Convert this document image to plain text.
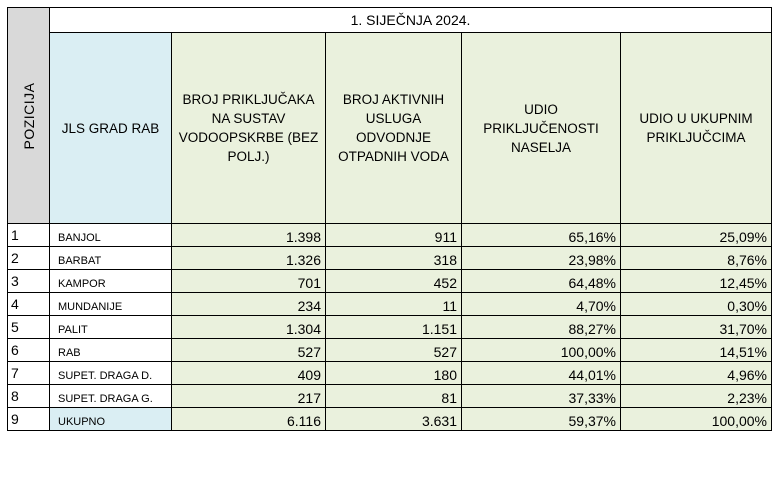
POZICIJA	1. SIJEČNJA 2024.				
	JLS GRAD RAB	BROJ PRIKLJUČAKA NA SUSTAV VODOOPSKRBE (BEZ POLJ.)	BROJ AKTIVNIH USLUGA ODVODNJE OTPADNIH VODA	UDIO PRIKLJUČENOSTI NASELJA	UDIO U UKUPNIM PRIKLJUČCIMA
1	BANJOL	1.398	911	65,16%	25,09%
2	BARBAT	1.326	318	23,98%	8,76%
3	KAMPOR	701	452	64,48%	12,45%
4	MUNDANIJE	234	11	4,70%	0,30%
5	PALIT	1.304	1.151	88,27%	31,70%
6	RAB	527	527	100,00%	14,51%
7	SUPET. DRAGA D.	409	180	44,01%	4,96%
8	SUPET. DRAGA G.	217	81	37,33%	2,23%
9	UKUPNO	6.116	3.631	59,37%	100,00%
